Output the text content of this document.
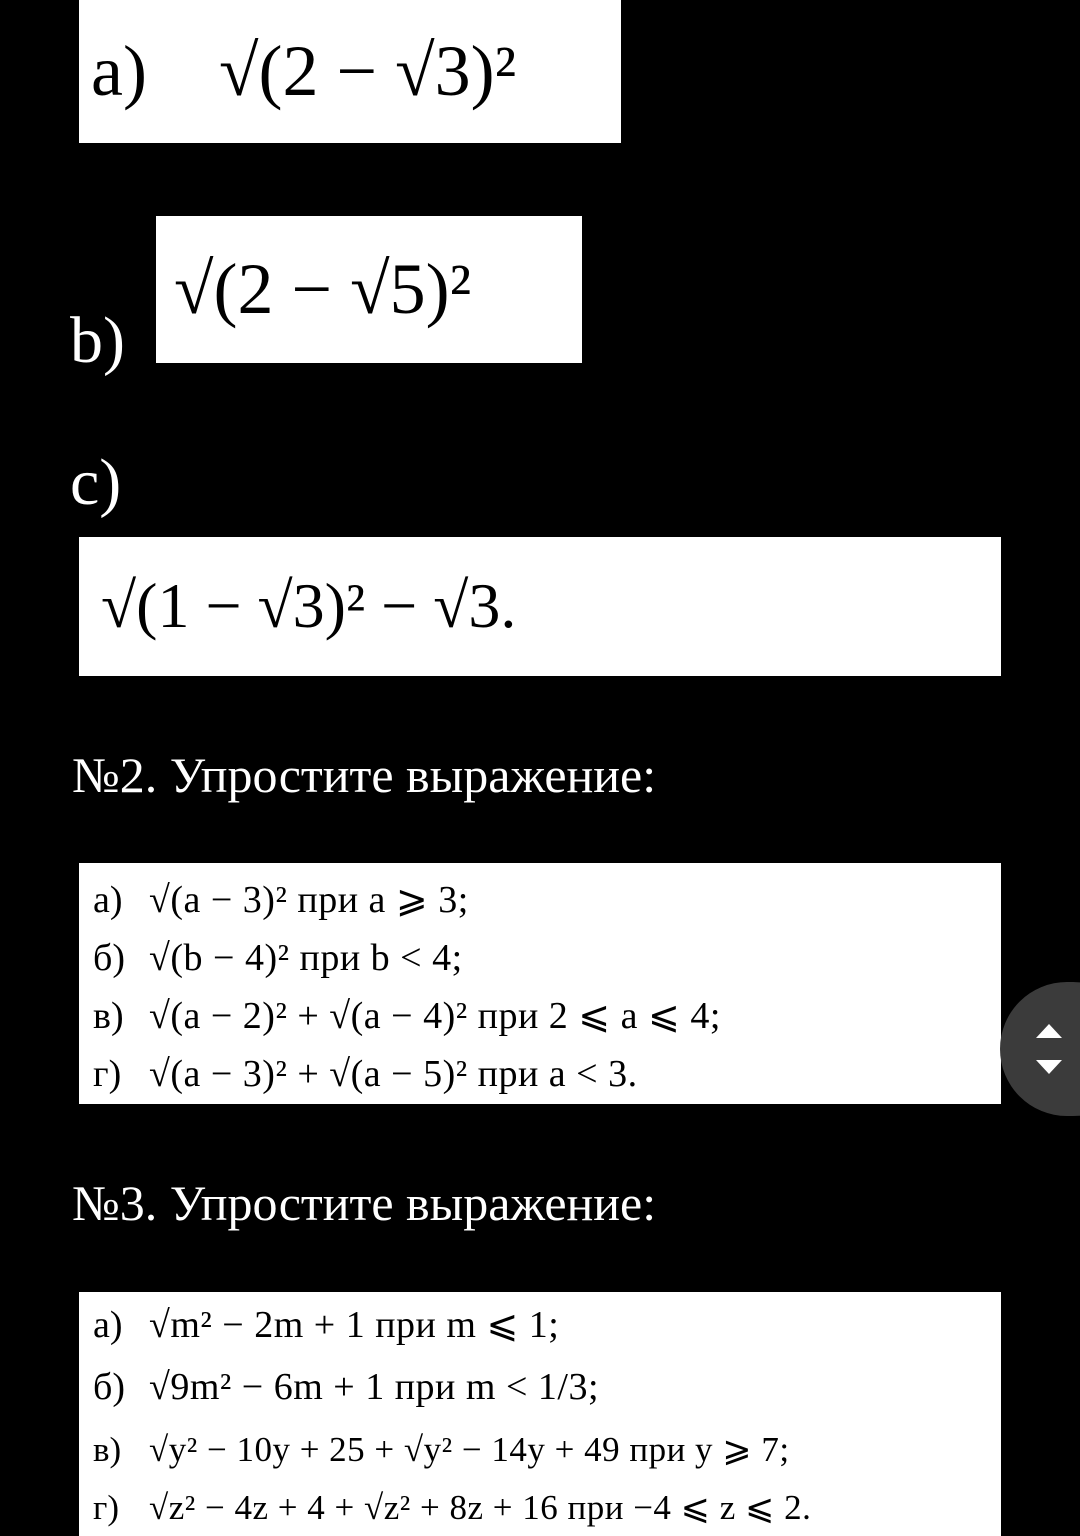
a) √(2 − √3)²
b)
√(2 − √5)²
c)
√(1 − √3)² − √3.
№2. Упростите выражение:
а) √(a − 3)² при a ⩾ 3;
б) √(b − 4)² при b < 4;
в) √(a − 2)² + √(a − 4)² при 2 ⩽ a ⩽ 4;
г) √(a − 3)² + √(a − 5)² при a < 3.
№3. Упростите выражение:
а) √m² − 2m + 1 при m ⩽ 1;
б) √9m² − 6m + 1 при m < 1/3;
в) √y² − 10y + 25 + √y² − 14y + 49 при y ⩾ 7;
г) √z² − 4z + 4 + √z² + 8z + 16 при −4 ⩽ z ⩽ 2.
